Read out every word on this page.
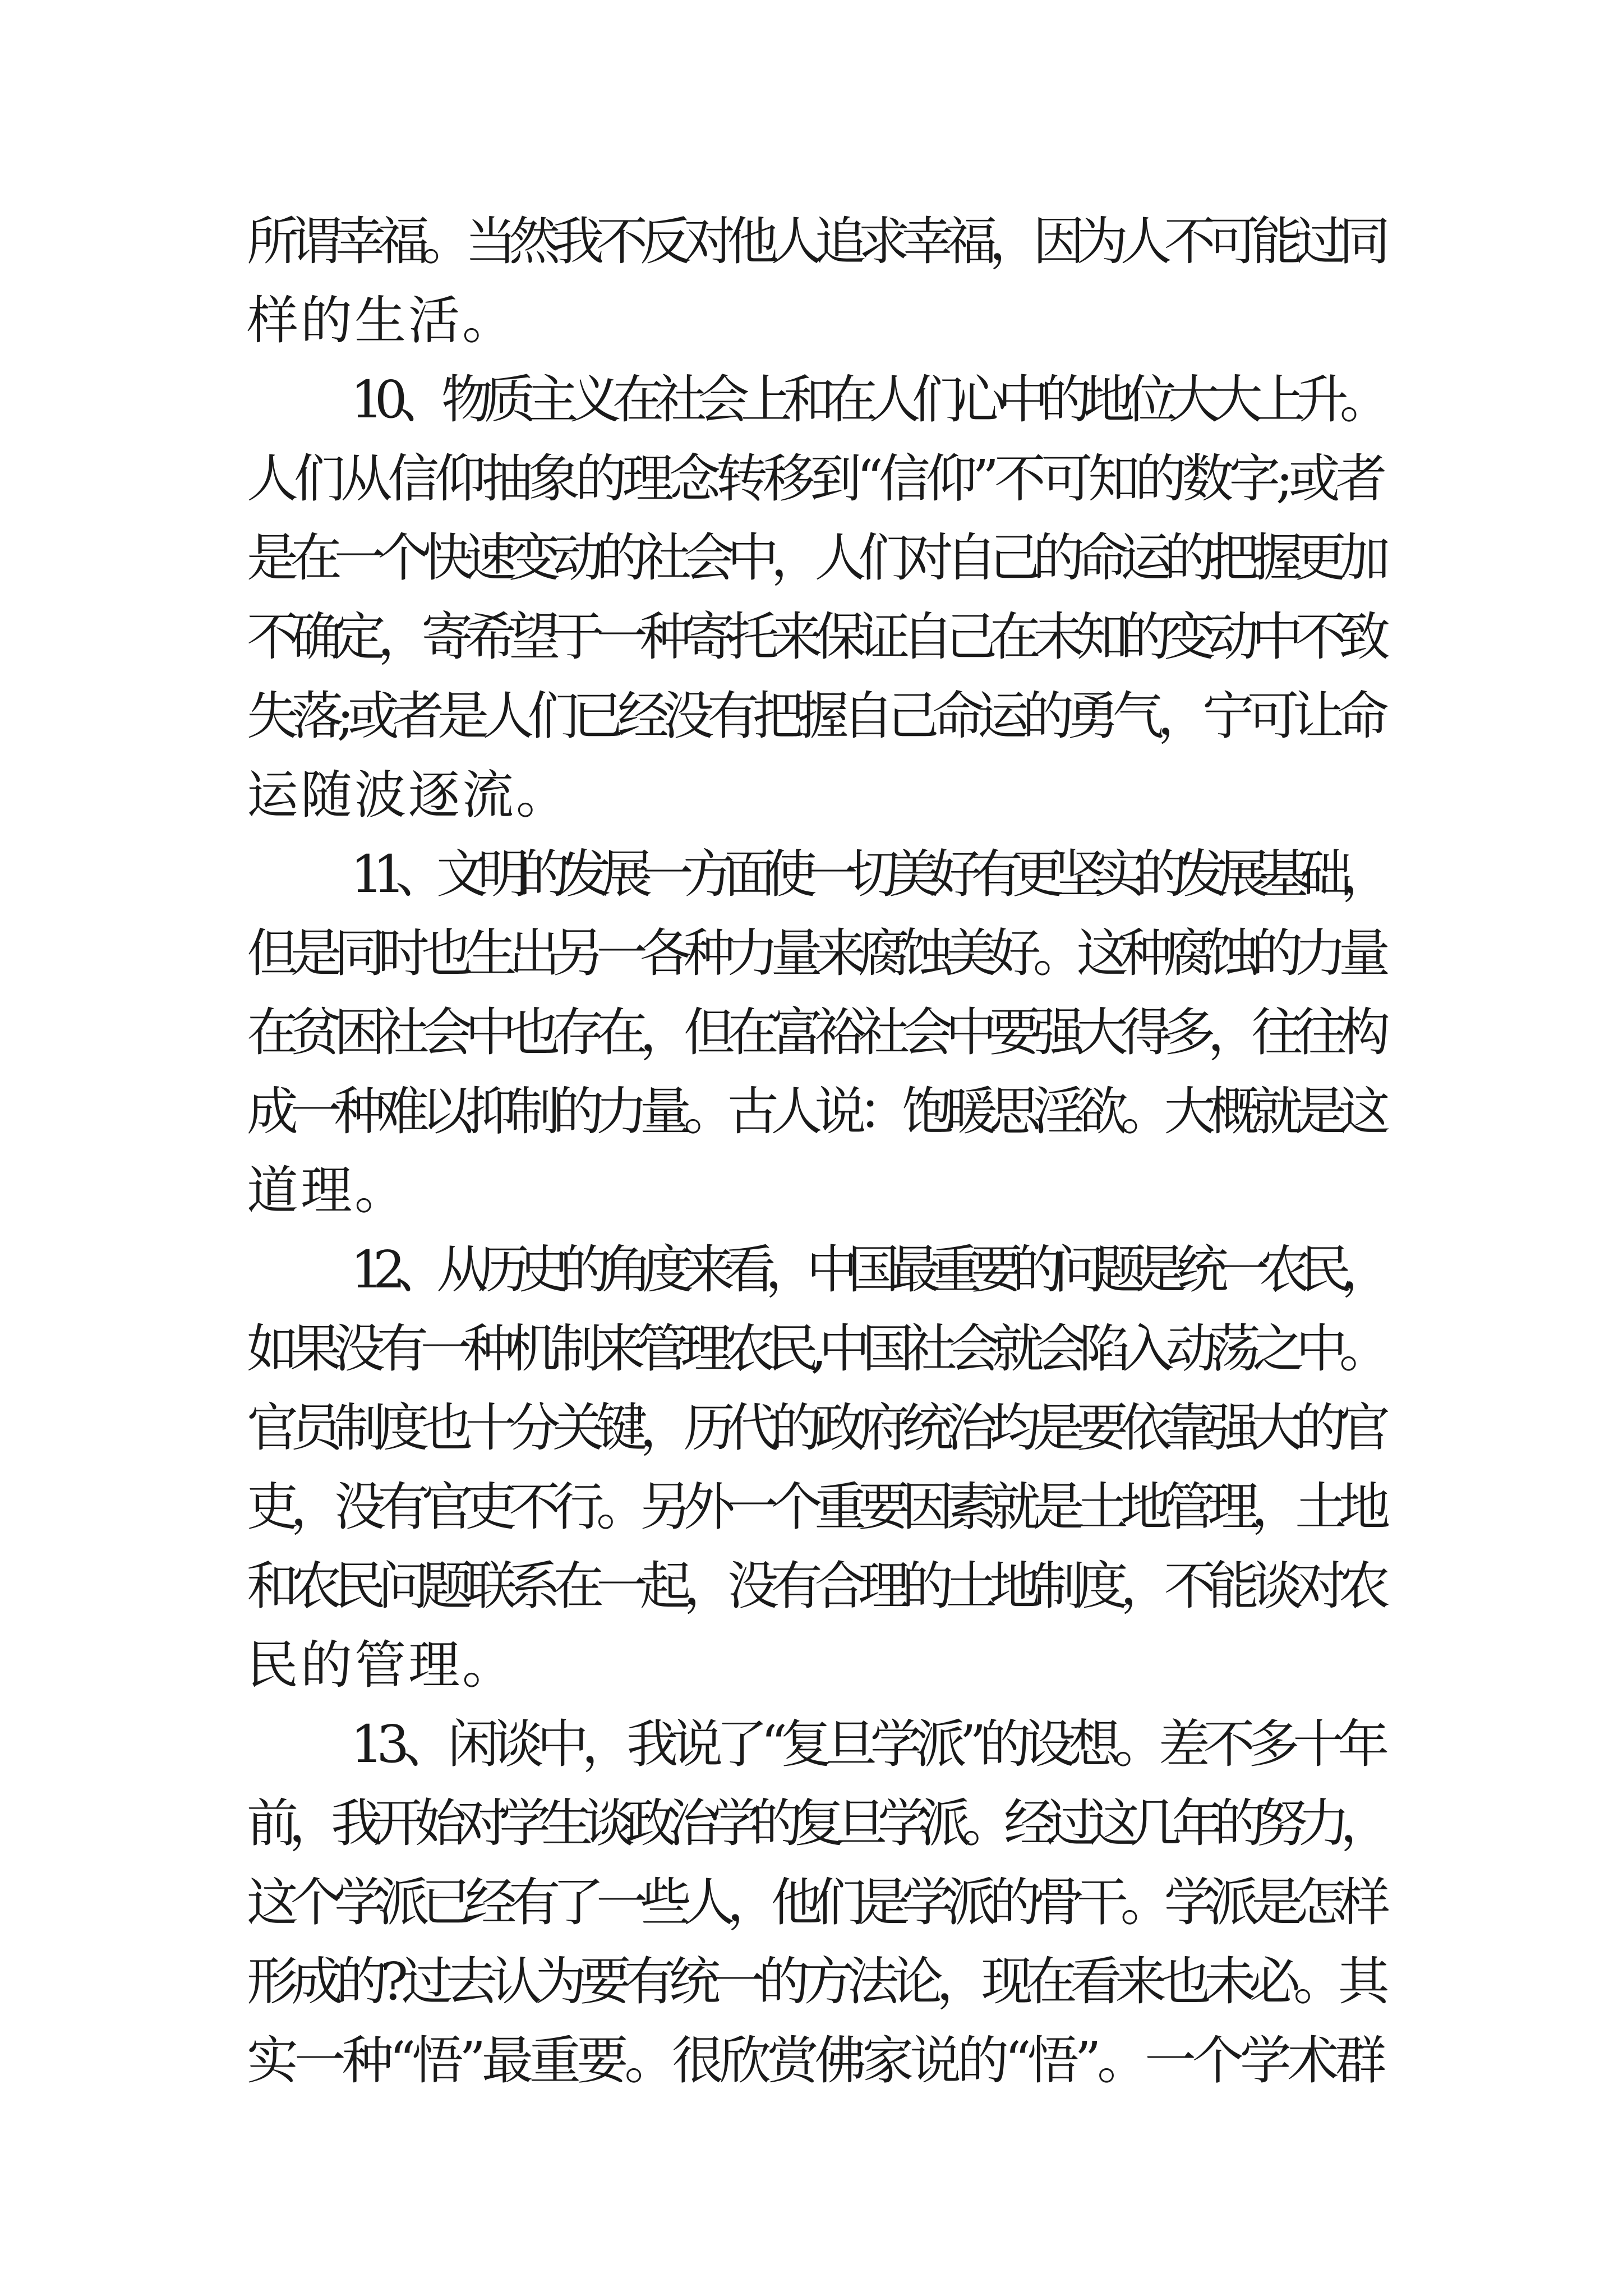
所谓幸福。当然我不反对他人追求幸福，因为人不可能过同
样的生活。
10、物质主义在社会上和在人们心中的地位大大上升。
人们从信仰抽象的理念转移到“信仰”不可知的数字;或者
是在一个快速变动的社会中，人们对自己的命运的把握更加
不确定，寄希望于一种寄托来保证自己在未知的变动中不致
失落;或者是人们已经没有把握自己命运的勇气，宁可让命
运随波逐流。
11、文明的发展一方面使一切美好有更坚实的发展基础，
但是同时也生出另一各种力量来腐蚀美好。这种腐蚀的力量
在贫困社会中也存在，但在富裕社会中要强大得多，往往构
成一种难以抑制的力量。古人说：饱暖思淫欲。大概就是这
道理。
12、从历史的角度来看，中国最重要的问题是统一农民，
如果没有一种机制来管理农民,中国社会就会陷入动荡之中。
官员制度也十分关键，历代的政府统治均是要依靠强大的官
吏，没有官吏不行。另外一个重要因素就是土地管理，土地
和农民问题联系在一起，没有合理的土地制度，不能谈对农
民的管理。
13、闲谈中，我说了“复旦学派”的设想。差不多十年
前，我开始对学生谈政治学的复旦学派。经过这几年的努力，
这个学派已经有了一些人，他们是学派的骨干。学派是怎样
形成的?过去认为要有统一的方法论，现在看来也未必。其
实一种“悟”最重要。很欣赏佛家说的“悟”。一个学术群
